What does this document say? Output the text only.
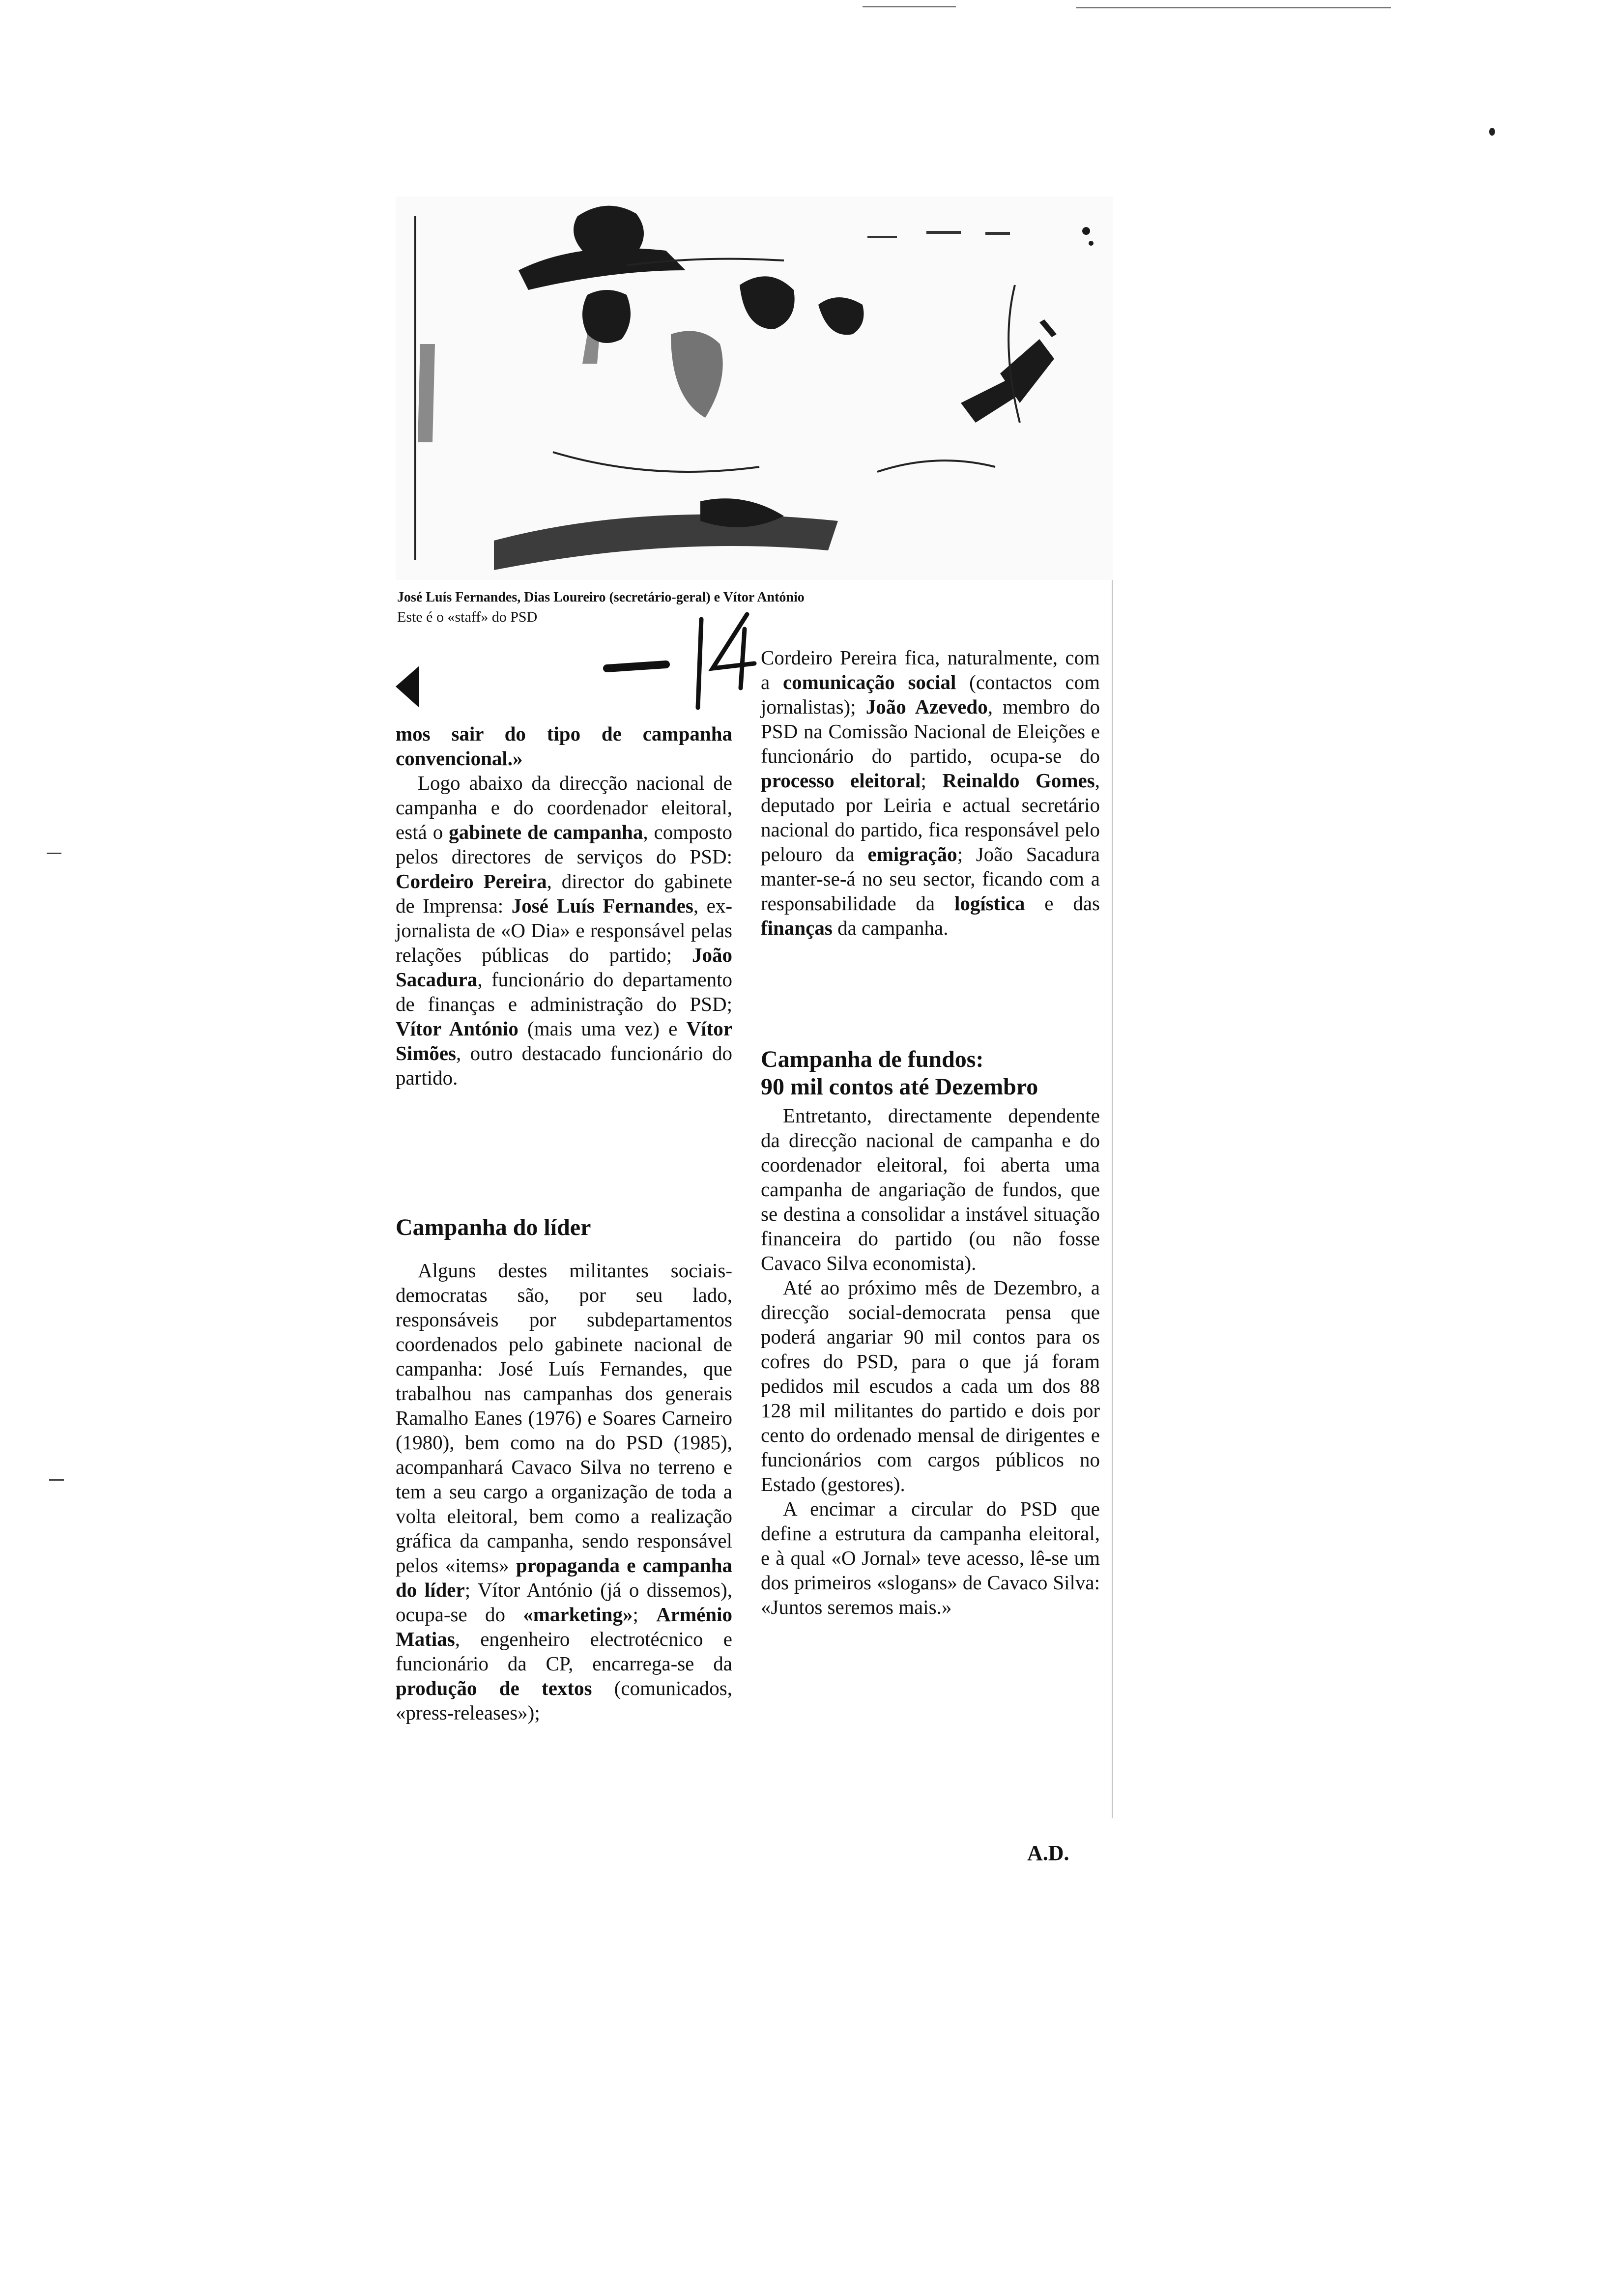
José Luís Fernandes, Dias Loureiro (secretário-geral) e Vítor António
Este é o «staff» do PSD

mos sair do tipo de campanha convencional.»

Logo abaixo da direcção nacional de campanha e do coordenador eleitoral, está o gabinete de campanha, composto pelos directores de serviços do PSD: Cordeiro Pereira, director do gabinete de Imprensa: José Luís Fernandes, ex-jornalista de «O Dia» e responsável pelas relações públicas do partido; João Sacadura, funcionário do departamento de finanças e administração do PSD; Vítor António (mais uma vez) e Vítor Simões, outro destacado funcionário do partido.

Campanha do líder

Alguns destes militantes sociais-democratas são, por seu lado, responsáveis por subdepartamentos coordenados pelo gabinete nacional de campanha: José Luís Fernandes, que trabalhou nas campanhas dos generais Ramalho Eanes (1976) e Soares Carneiro (1980), bem como na do PSD (1985), acompanhará Cavaco Silva no terreno e tem a seu cargo a organização de toda a volta eleitoral, bem como a realização gráfica da campanha, sendo responsável pelos «items» propaganda e campanha do líder; Vítor António (já o dissemos), ocupa-se do «marketing»; Arménio Matias, engenheiro electrotécnico e funcionário da CP, encarrega-se da produção de textos (comunicados, «press-releases»);

Cordeiro Pereira fica, naturalmente, com a comunicação social (contactos com jornalistas); João Azevedo, membro do PSD na Comissão Nacional de Eleições e funcionário do partido, ocupa-se do processo eleitoral; Reinaldo Gomes, deputado por Leiria e actual secretário nacional do partido, fica responsável pelo pelouro da emigração; João Sacadura manter-se-á no seu sector, ficando com a responsabilidade da logística e das finanças da campanha.

Campanha de fundos:

90 mil contos até Dezembro

Entretanto, directamente dependente da direcção nacional de campanha e do coordenador eleitoral, foi aberta uma campanha de angariação de fundos, que se destina a consolidar a instável situação financeira do partido (ou não fosse Cavaco Silva economista).

Até ao próximo mês de Dezembro, a direcção social-democrata pensa que poderá angariar 90 mil contos para os cofres do PSD, para o que já foram pedidos mil escudos a cada um dos 88 128 mil militantes do partido e dois por cento do ordenado mensal de dirigentes e funcionários com cargos públicos no Estado (gestores).

A encimar a circular do PSD que define a estrutura da campanha eleitoral, e à qual «O Jornal» teve acesso, lê-se um dos primeiros «slogans» de Cavaco Silva: «Juntos seremos mais.»

A.D.
